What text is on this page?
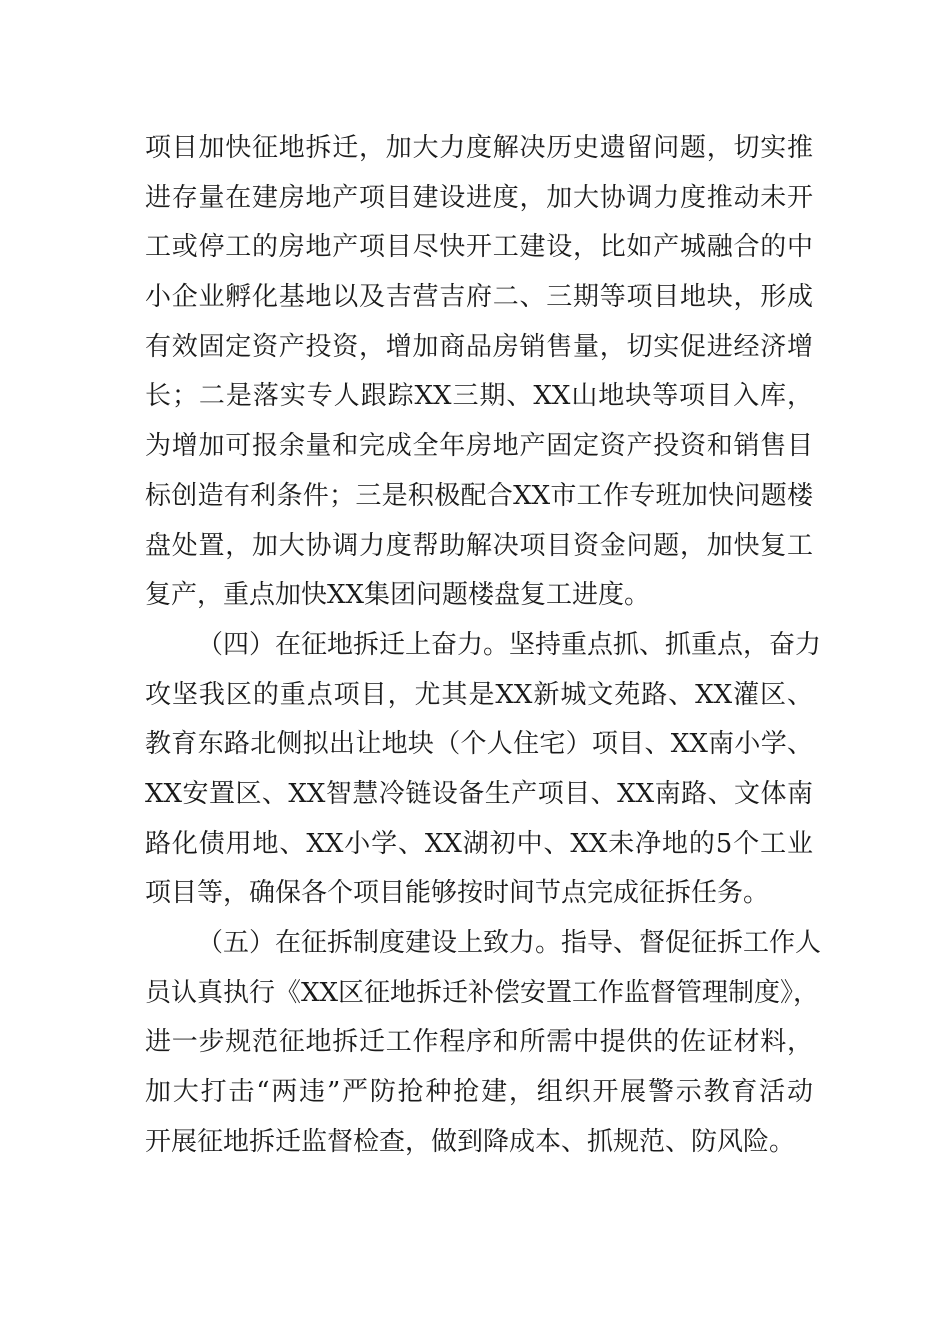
项目加快征地拆迁，加大力度解决历史遗留问题，切实推
进存量在建房地产项目建设进度，加大协调力度推动未开
工或停工的房地产项目尽快开工建设，比如产城融合的中
小企业孵化基地以及吉营吉府二、三期等项目地块，形成
有效固定资产投资，增加商品房销售量，切实促进经济增
长；二是落实专人跟踪XX三期、XX山地块等项目入库，
为增加可报余量和完成全年房地产固定资产投资和销售目
标创造有利条件；三是积极配合XX市工作专班加快问题楼
盘处置，加大协调力度帮助解决项目资金问题，加快复工
复产，重点加快XX集团问题楼盘复工进度。
（四）在征地拆迁上奋力。坚持重点抓、抓重点，奋力
攻坚我区的重点项目，尤其是XX新城文苑路、XX灌区、
教育东路北侧拟出让地块（个人住宅）项目、XX南小学、
XX安置区、XX智慧冷链设备生产项目、XX南路、文体南
路化债用地、XX小学、XX湖初中、XX未净地的5个工业
项目等，确保各个项目能够按时间节点完成征拆任务。
（五）在征拆制度建设上致力。指导、督促征拆工作人
员认真执行《XX区征地拆迁补偿安置工作监督管理制度》，
进一步规范征地拆迁工作程序和所需中提供的佐证材料，
加大打击“两违”严防抢种抢建，组织开展警示教育活动
开展征地拆迁监督检查，做到降成本、抓规范、防风险。
